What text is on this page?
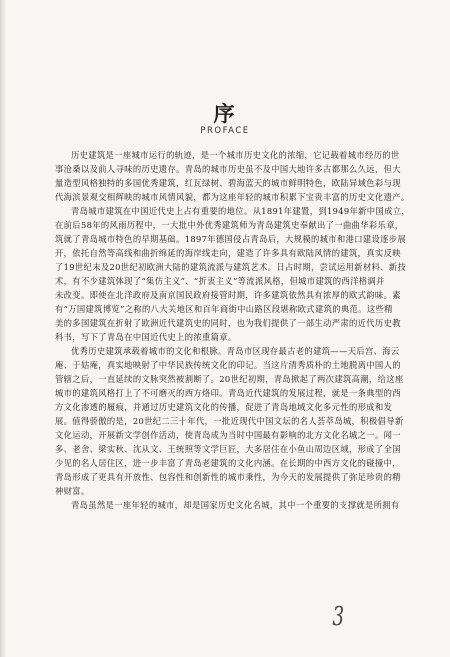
序
PROFACE
历史建筑是一座城市运行的轨迹，是一个城市历史文化的浓缩，它记载着城市经历的世
事沧桑以及前人寻味的历史遗存。青岛的城市历史虽不及中国大地许多古都那么久远，但大
量造型风格独特的多国优秀建筑，红瓦绿树、碧海蓝天的城市鲜明特色，欧陆异域色彩与现
代海滨景观交相辉映的城市风情风貌，都为这座年轻的城市积累下宝贵丰富的历史文化遗产。
青岛城市建筑在中国近代史上占有重要的地位。从1891年建置，到1949年新中国成立，
在前后58年的风雨历程中，一大批中外优秀建筑师为青岛建筑史奉献出了一曲曲华彩乐章，
筑就了青岛城市特色的早期基础。1897年德国侵占青岛后，大规模的城市和港口建设逐步展
开，依托自然等高线和曲折绵延的海岸线走向，建造了许多具有欧陆风情的建筑，真实反映
了19世纪末及20世纪初欧洲大陆的建筑流派与建筑艺术。日占时期，尝试运用新材料、新技
术，有不少建筑体现了“集仿主义”、“折衷主义”等流派风格，但城市建筑的西洋格调并
未改变。即使在北洋政府及南京国民政府接管时期，许多建筑依然具有浓厚的欧式韵味。素
有“万国建筑博览”之称的八大关地区和百年商街中山路区段堪称欧式建筑的典范。这些精
美的多国建筑在折射了欧洲近代建筑史的同时，也为我们提供了一部生动严肃的近代历史教
科书，写下了青岛在中国近代史上的浓重篇章。
优秀历史建筑承载着城市的文化和根脉。青岛市区现存最古老的建筑——天后宫、海云
庵、于姑庵，真实地映射了中华民族传统文化的印记。当这片清秀质朴的土地脱离中国人的
管辖之后，一直延续的文脉突然被割断了。20世纪初期，青岛掀起了两次建筑高潮，给这座
城市的建筑风格打上了不可磨灭的西方烙印。青岛近代建筑的发展过程，就是一条典型的西
方文化渗透的履痕，并通过历史建筑文化的传播，促进了青岛地域文化多元性的形成和发
展。值得骄傲的是，20世纪二三十年代，一批近现代中国文坛的名人荟萃岛城，积极倡导新
文化运动，开展新文学创作活动，使青岛成为当时中国最有影响的北方文化名城之一。闻一
多、老舍、梁实秋、沈从文、王统照等文学巨匠，大多居住在小鱼山周边区域，形成了全国
少见的名人居住区，进一步丰富了青岛老建筑的文化内涵。在长期的中西方文化的碰撞中，
青岛形成了更具有开放性、包容性和创新性的城市秉性，为今天的发展提供了弥足珍贵的精
神财富。
青岛虽然是一座年轻的城市，却是国家历史文化名城，其中一个重要的支撑就是所拥有
3
